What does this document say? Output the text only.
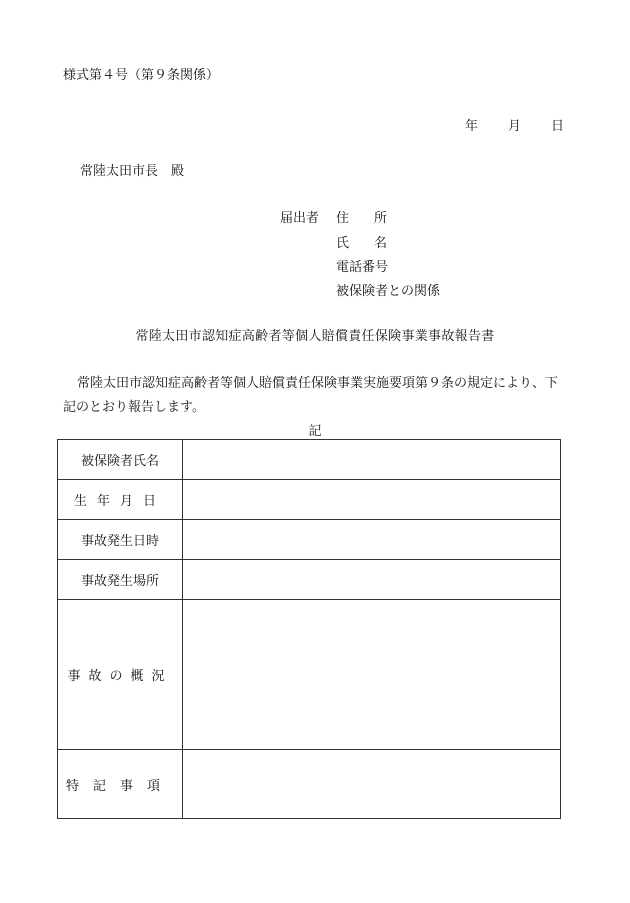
様式第４号（第９条関係）
年 月 日
常陸太田市長　殿
届出者 住所
氏名
電話番号
被保険者との関係
常陸太田市認知症高齢者等個人賠償責任保険事業事故報告書
常陸太田市認知症高齢者等個人賠償責任保険事業実施要項第９条の規定により、下記のとおり報告します。
記
被保険者氏名	
生年月日	
事故発生日時	
事故発生場所	
事故の概況	
特記事項	
